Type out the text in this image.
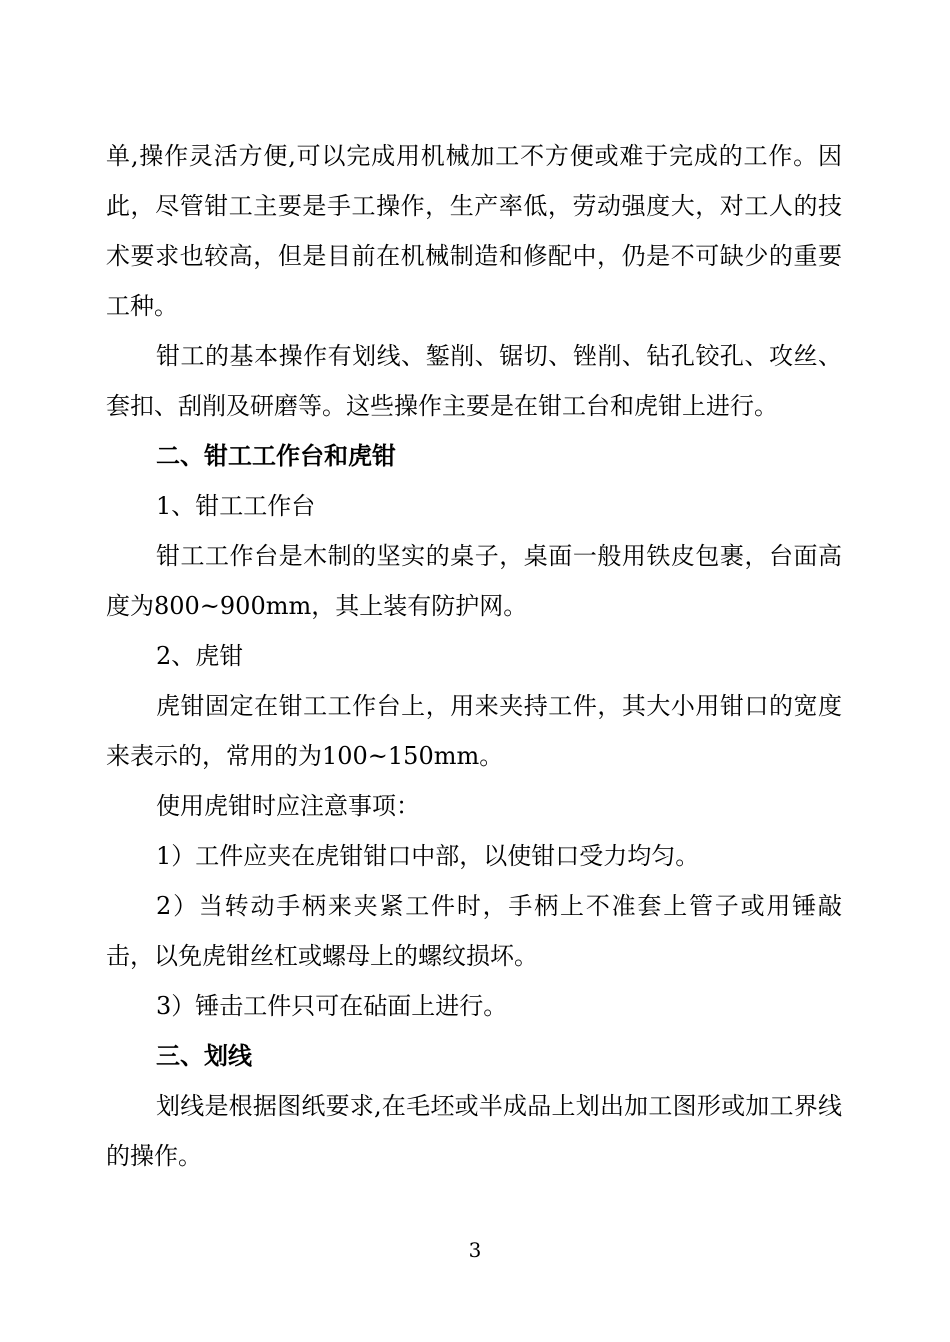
单,操作灵活方便,可以完成用机械加工不方便或难于完成的工作。因此，尽管钳工主要是手工操作，生产率低，劳动强度大，对工人的技术要求也较高，但是目前在机械制造和修配中，仍是不可缺少的重要工种。

钳工的基本操作有划线、錾削、锯切、锉削、钻孔铰孔、攻丝、套扣、刮削及研磨等。这些操作主要是在钳工台和虎钳上进行。

二、钳工工作台和虎钳

1、钳工工作台

钳工工作台是木制的坚实的桌子，桌面一般用铁皮包裹，台面高度为800~900mm，其上装有防护网。

2、虎钳

虎钳固定在钳工工作台上，用来夹持工件，其大小用钳口的宽度来表示的，常用的为100~150mm。

使用虎钳时应注意事项：

1）工件应夹在虎钳钳口中部，以使钳口受力均匀。

2）当转动手柄来夹紧工件时，手柄上不准套上管子或用锤敲击，以免虎钳丝杠或螺母上的螺纹损坏。

3）锤击工件只可在砧面上进行。

三、划线

划线是根据图纸要求,在毛坯或半成品上划出加工图形或加工界线的操作。

3
